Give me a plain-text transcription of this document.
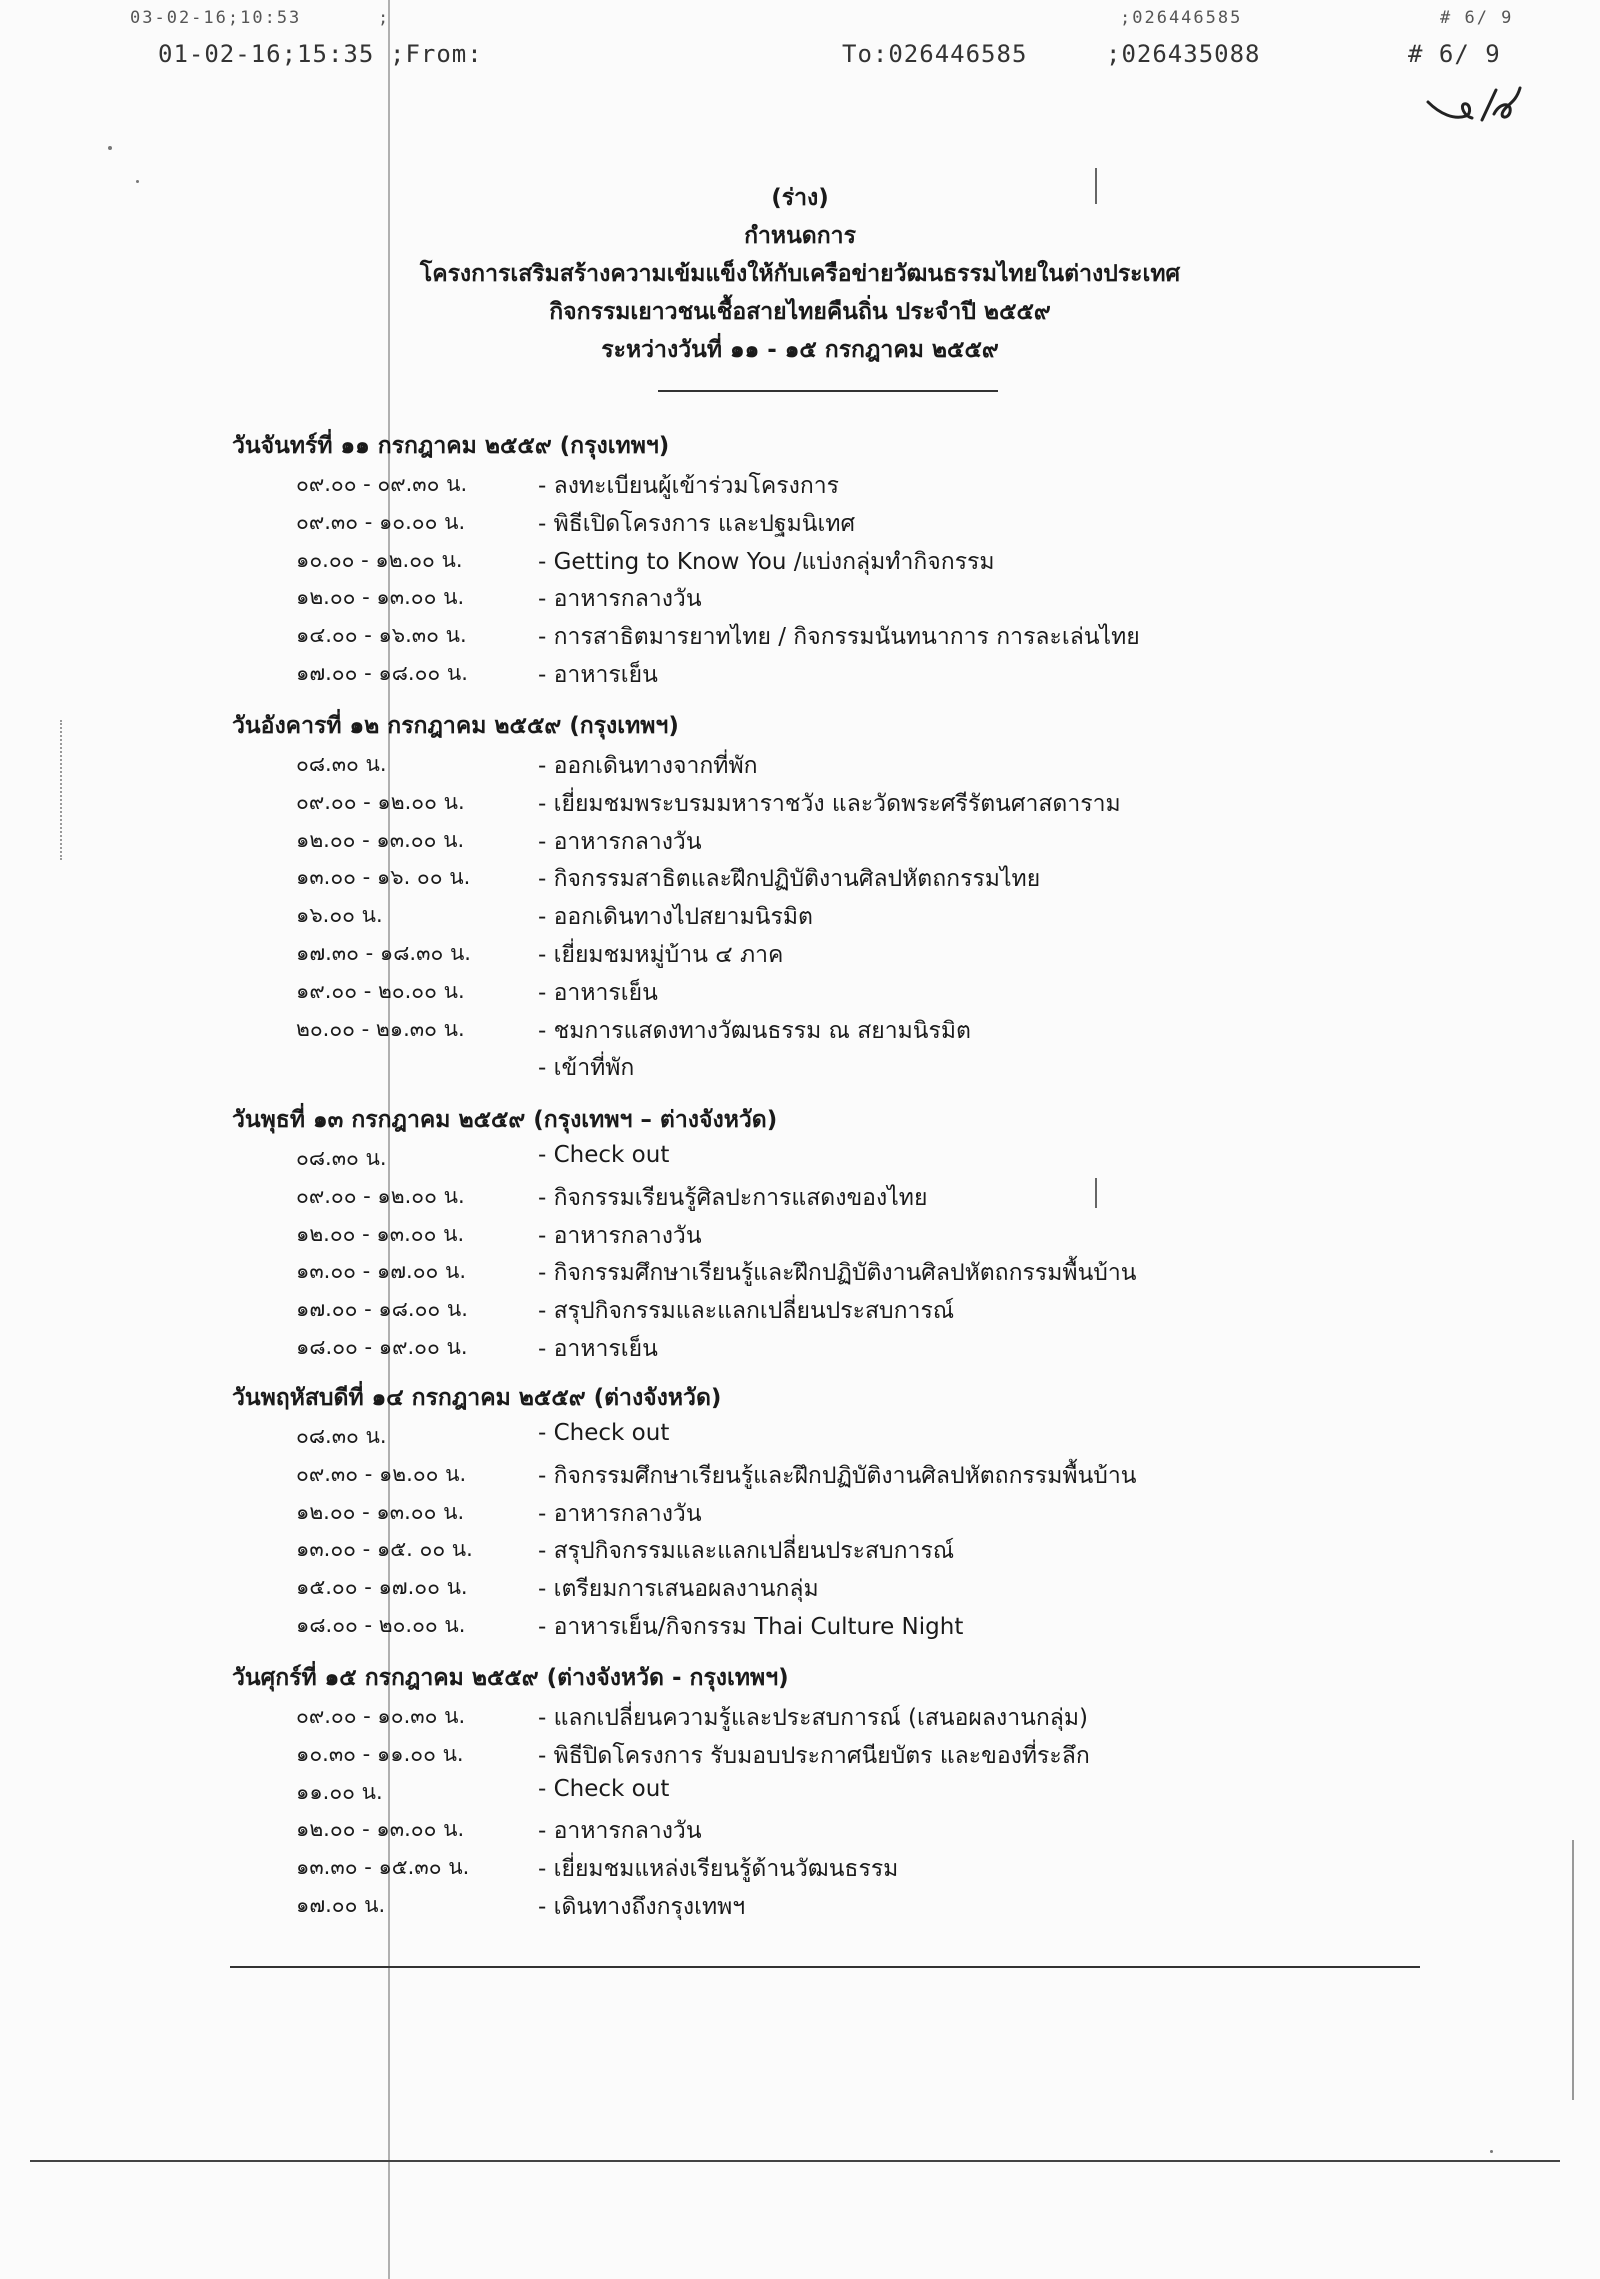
03-02-16;10:53	;	;026446585	# 6/ 9
01-02-16;15:35 ;From:	To:026446585	;026435088	# 6/ 9
(ร่าง)
กำหนดการ
โครงการเสริมสร้างความเข้มแข็งให้กับเครือข่ายวัฒนธรรมไทยในต่างประเทศ
กิจกรรมเยาวชนเชื้อสายไทยคืนถิ่น ประจำปี ๒๕๕๙
ระหว่างวันที่ ๑๑ - ๑๕ กรกฎาคม ๒๕๕๙
วันจันทร์ที่ ๑๑ กรกฎาคม ๒๕๕๙ (กรุงเทพฯ)
๐๙.๐๐ - ๐๙.๓๐ น.	- ลงทะเบียนผู้เข้าร่วมโครงการ
๐๙.๓๐ - ๑๐.๐๐ น.	- พิธีเปิดโครงการ และปฐมนิเทศ
๑๐.๐๐ - ๑๒.๐๐ น.	- Getting to Know You /แบ่งกลุ่มทำกิจกรรม
๑๒.๐๐ - ๑๓.๐๐ น.	- อาหารกลางวัน
๑๔.๐๐ - ๑๖.๓๐ น.	- การสาธิตมารยาทไทย / กิจกรรมนันทนาการ การละเล่นไทย
๑๗.๐๐ - ๑๘.๐๐ น.	- อาหารเย็น
วันอังคารที่ ๑๒ กรกฎาคม ๒๕๕๙ (กรุงเทพฯ)
๐๘.๓๐ น.	- ออกเดินทางจากที่พัก
๐๙.๐๐ - ๑๒.๐๐ น.	- เยี่ยมชมพระบรมมหาราชวัง และวัดพระศรีรัตนศาสดาราม
๑๒.๐๐ - ๑๓.๐๐ น.	- อาหารกลางวัน
๑๓.๐๐ - ๑๖. ๐๐ น.	- กิจกรรมสาธิตและฝึกปฏิบัติงานศิลปหัตถกรรมไทย
๑๖.๐๐ น.	- ออกเดินทางไปสยามนิรมิต
๑๗.๓๐ - ๑๘.๓๐ น.	- เยี่ยมชมหมู่บ้าน ๔ ภาค
๑๙.๐๐ - ๒๐.๐๐ น.	- อาหารเย็น
๒๐.๐๐ - ๒๑.๓๐ น.	- ชมการแสดงทางวัฒนธรรม ณ สยามนิรมิต
- เข้าที่พัก
วันพุธที่ ๑๓ กรกฎาคม ๒๕๕๙ (กรุงเทพฯ – ต่างจังหวัด)
๐๘.๓๐ น.	- Check out
๐๙.๐๐ - ๑๒.๐๐ น.	- กิจกรรมเรียนรู้ศิลปะการแสดงของไทย
๑๒.๐๐ - ๑๓.๐๐ น.	- อาหารกลางวัน
๑๓.๐๐ - ๑๗.๐๐ น.	- กิจกรรมศึกษาเรียนรู้และฝึกปฏิบัติงานศิลปหัตถกรรมพื้นบ้าน
๑๗.๐๐ - ๑๘.๐๐ น.	- สรุปกิจกรรมและแลกเปลี่ยนประสบการณ์
๑๘.๐๐ - ๑๙.๐๐ น.	- อาหารเย็น
วันพฤหัสบดีที่ ๑๔ กรกฎาคม ๒๕๕๙ (ต่างจังหวัด)
๐๘.๓๐ น.	- Check out
๐๙.๓๐ - ๑๒.๐๐ น.	- กิจกรรมศึกษาเรียนรู้และฝึกปฏิบัติงานศิลปหัตถกรรมพื้นบ้าน
๑๒.๐๐ - ๑๓.๐๐ น.	- อาหารกลางวัน
๑๓.๐๐ - ๑๕. ๐๐ น.	- สรุปกิจกรรมและแลกเปลี่ยนประสบการณ์
๑๕.๐๐ - ๑๗.๐๐ น.	- เตรียมการเสนอผลงานกลุ่ม
๑๘.๐๐ - ๒๐.๐๐ น.	- อาหารเย็น/กิจกรรม Thai Culture Night
วันศุกร์ที่ ๑๕ กรกฎาคม ๒๕๕๙ (ต่างจังหวัด - กรุงเทพฯ)
๐๙.๐๐ - ๑๐.๓๐ น.	- แลกเปลี่ยนความรู้และประสบการณ์ (เสนอผลงานกลุ่ม)
๑๐.๓๐ - ๑๑.๐๐ น.	- พิธีปิดโครงการ รับมอบประกาศนียบัตร และของที่ระลึก
๑๑.๐๐ น.	- Check out
๑๒.๐๐ - ๑๓.๐๐ น.	- อาหารกลางวัน
๑๓.๓๐ - ๑๕.๓๐ น.	- เยี่ยมชมแหล่งเรียนรู้ด้านวัฒนธรรม
๑๗.๐๐ น.	- เดินทางถึงกรุงเทพฯ
